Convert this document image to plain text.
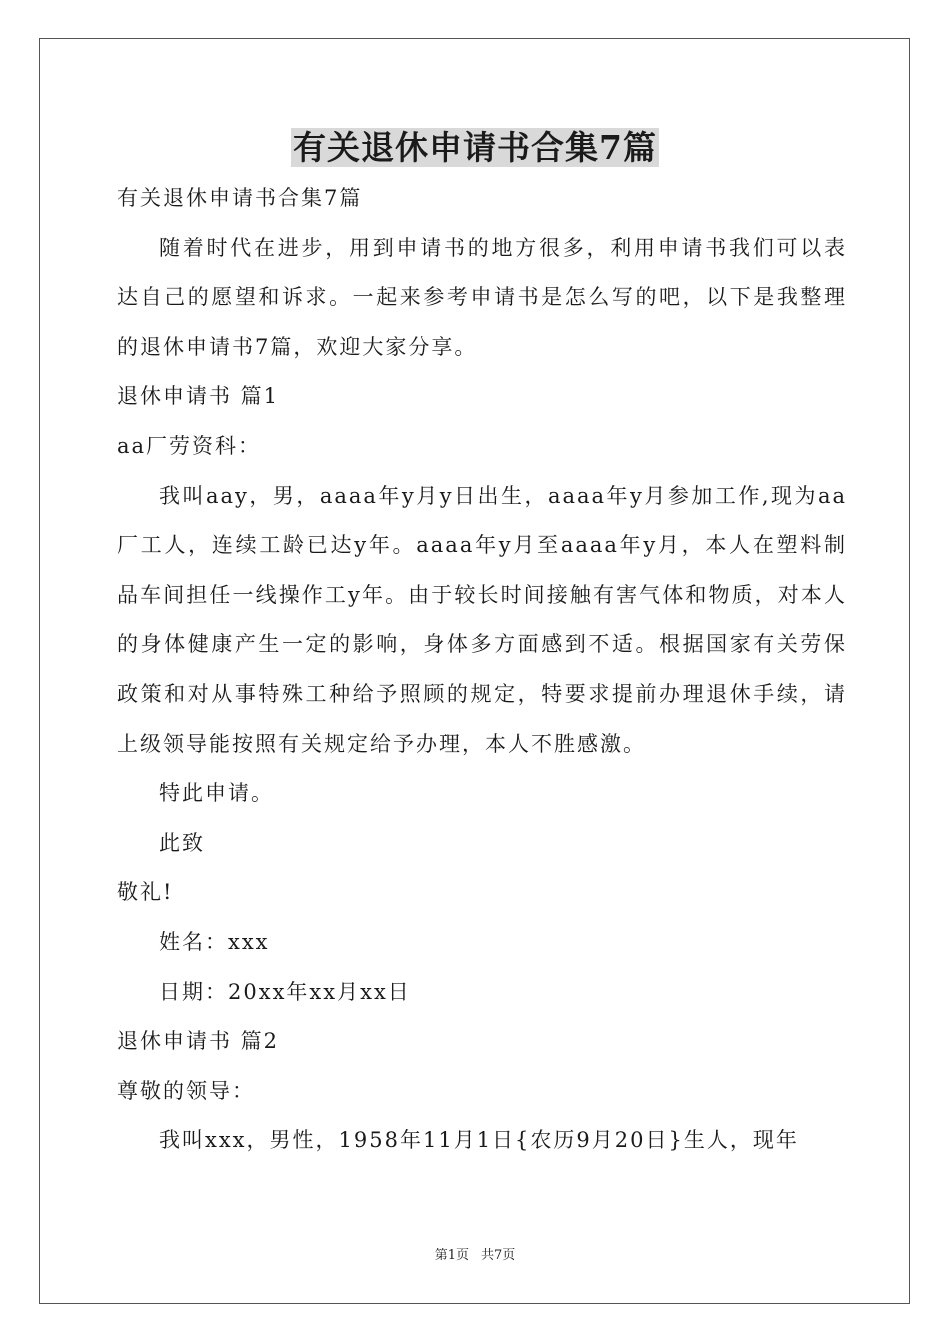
有关退休申请书合集7篇

有关退休申请书合集7篇

随着时代在进步，用到申请书的地方很多，利用申请书我们可以表达自己的愿望和诉求。一起来参考申请书是怎么写的吧，以下是我整理的退休申请书7篇，欢迎大家分享。

退休申请书 篇1

aa厂劳资科：

我叫aay，男，aaaa年y月y日出生，aaaa年y月参加工作,现为aa厂工人，连续工龄已达y年。aaaa年y月至aaaa年y月，本人在塑料制品车间担任一线操作工y年。由于较长时间接触有害气体和物质，对本人的身体健康产生一定的影响，身体多方面感到不适。根据国家有关劳保政策和对从事特殊工种给予照顾的规定，特要求提前办理退休手续，请上级领导能按照有关规定给予办理，本人不胜感激。

特此申请。

此致

敬礼!

姓名：xxx

日期：20xx年xx月xx日

退休申请书 篇2

尊敬的领导：

我叫xxx，男性，1958年11月1日{农历9月20日}生人，现年

第1页 共7页
